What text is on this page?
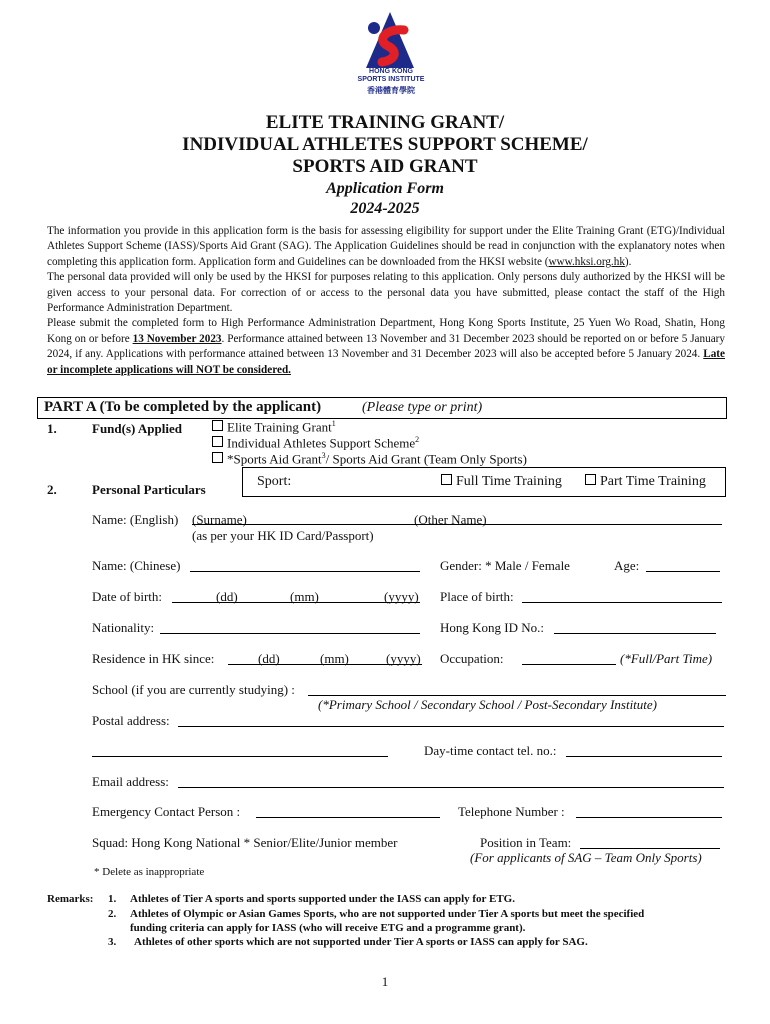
HONG KONG
SPORTS INSTITUTE
香港體育學院
ELITE TRAINING GRANT/
INDIVIDUAL ATHLETES SUPPORT SCHEME/
SPORTS AID GRANT
Application Form
2024-2025

The information you provide in this application form is the basis for assessing eligibility for support under the Elite Training Grant (ETG)/Individual Athletes Support Scheme (IASS)/Sports Aid Grant (SAG). The Application Guidelines should be read in conjunction with the explanatory notes when completing this application form. Application form and Guidelines can be downloaded from the HKSI website (www.hksi.org.hk).

The personal data provided will only be used by the HKSI for purposes relating to this application. Only persons duly authorized by the HKSI will be given access to your personal data. For correction of or access to the personal data you have submitted, please contact the staff of the High Performance Administration Department.

Please submit the completed form to High Performance Administration Department, Hong Kong Sports Institute, 25 Yuen Wo Road, Shatin, Hong Kong on or before 13 November 2023. Performance attained between 13 November and 31 December 2023 should be reported on or before 5 January 2024, if any. Applications with performance attained between 13 November and 31 December 2023 will also be accepted before 5 January 2024. Late or incomplete applications will NOT be considered.

PART A (To be completed by the applicant)	(Please type or print)
1.	Fund(s) Applied	Elite Training Grant$^1$
Individual Athletes Support Scheme$^2$
*Sports Aid Grant$^3$/ Sports Aid Grant (Team Only Sports)
2.	Personal Particulars
Sport:	Full Time Training	Part Time Training
Name: (English) (Surname)	(Other Name)
(as per your HK ID Card/Passport)
Name: (Chinese)	Gender: * Male / Female	Age:
Date of birth:	(dd)	(mm)	(yyyy) Place of birth:
Nationality:	Hong Kong ID No.:
Residence in HK since:	(dd)	(mm)	(yyyy) Occupation:	(*Full/Part Time)
School (if you are currently studying) :
(*Primary School / Secondary School / Post-Secondary Institute)
Postal address:
Day-time contact tel. no.:
Email address:
Emergency Contact Person :	Telephone Number :
Squad: Hong Kong National * Senior/Elite/Junior member	Position in Team:
(For applicants of SAG – Team Only Sports)
* Delete as inappropriate
Remarks: 1. Athletes of Tier A sports and sports supported under the IASS can apply for ETG.
2. Athletes of Olympic or Asian Games Sports, who are not supported under Tier A sports but meet the specified
funding criteria can apply for IASS (who will receive ETG and a programme grant).
3. Athletes of other sports which are not supported under Tier A sports or IASS can apply for SAG.
1
